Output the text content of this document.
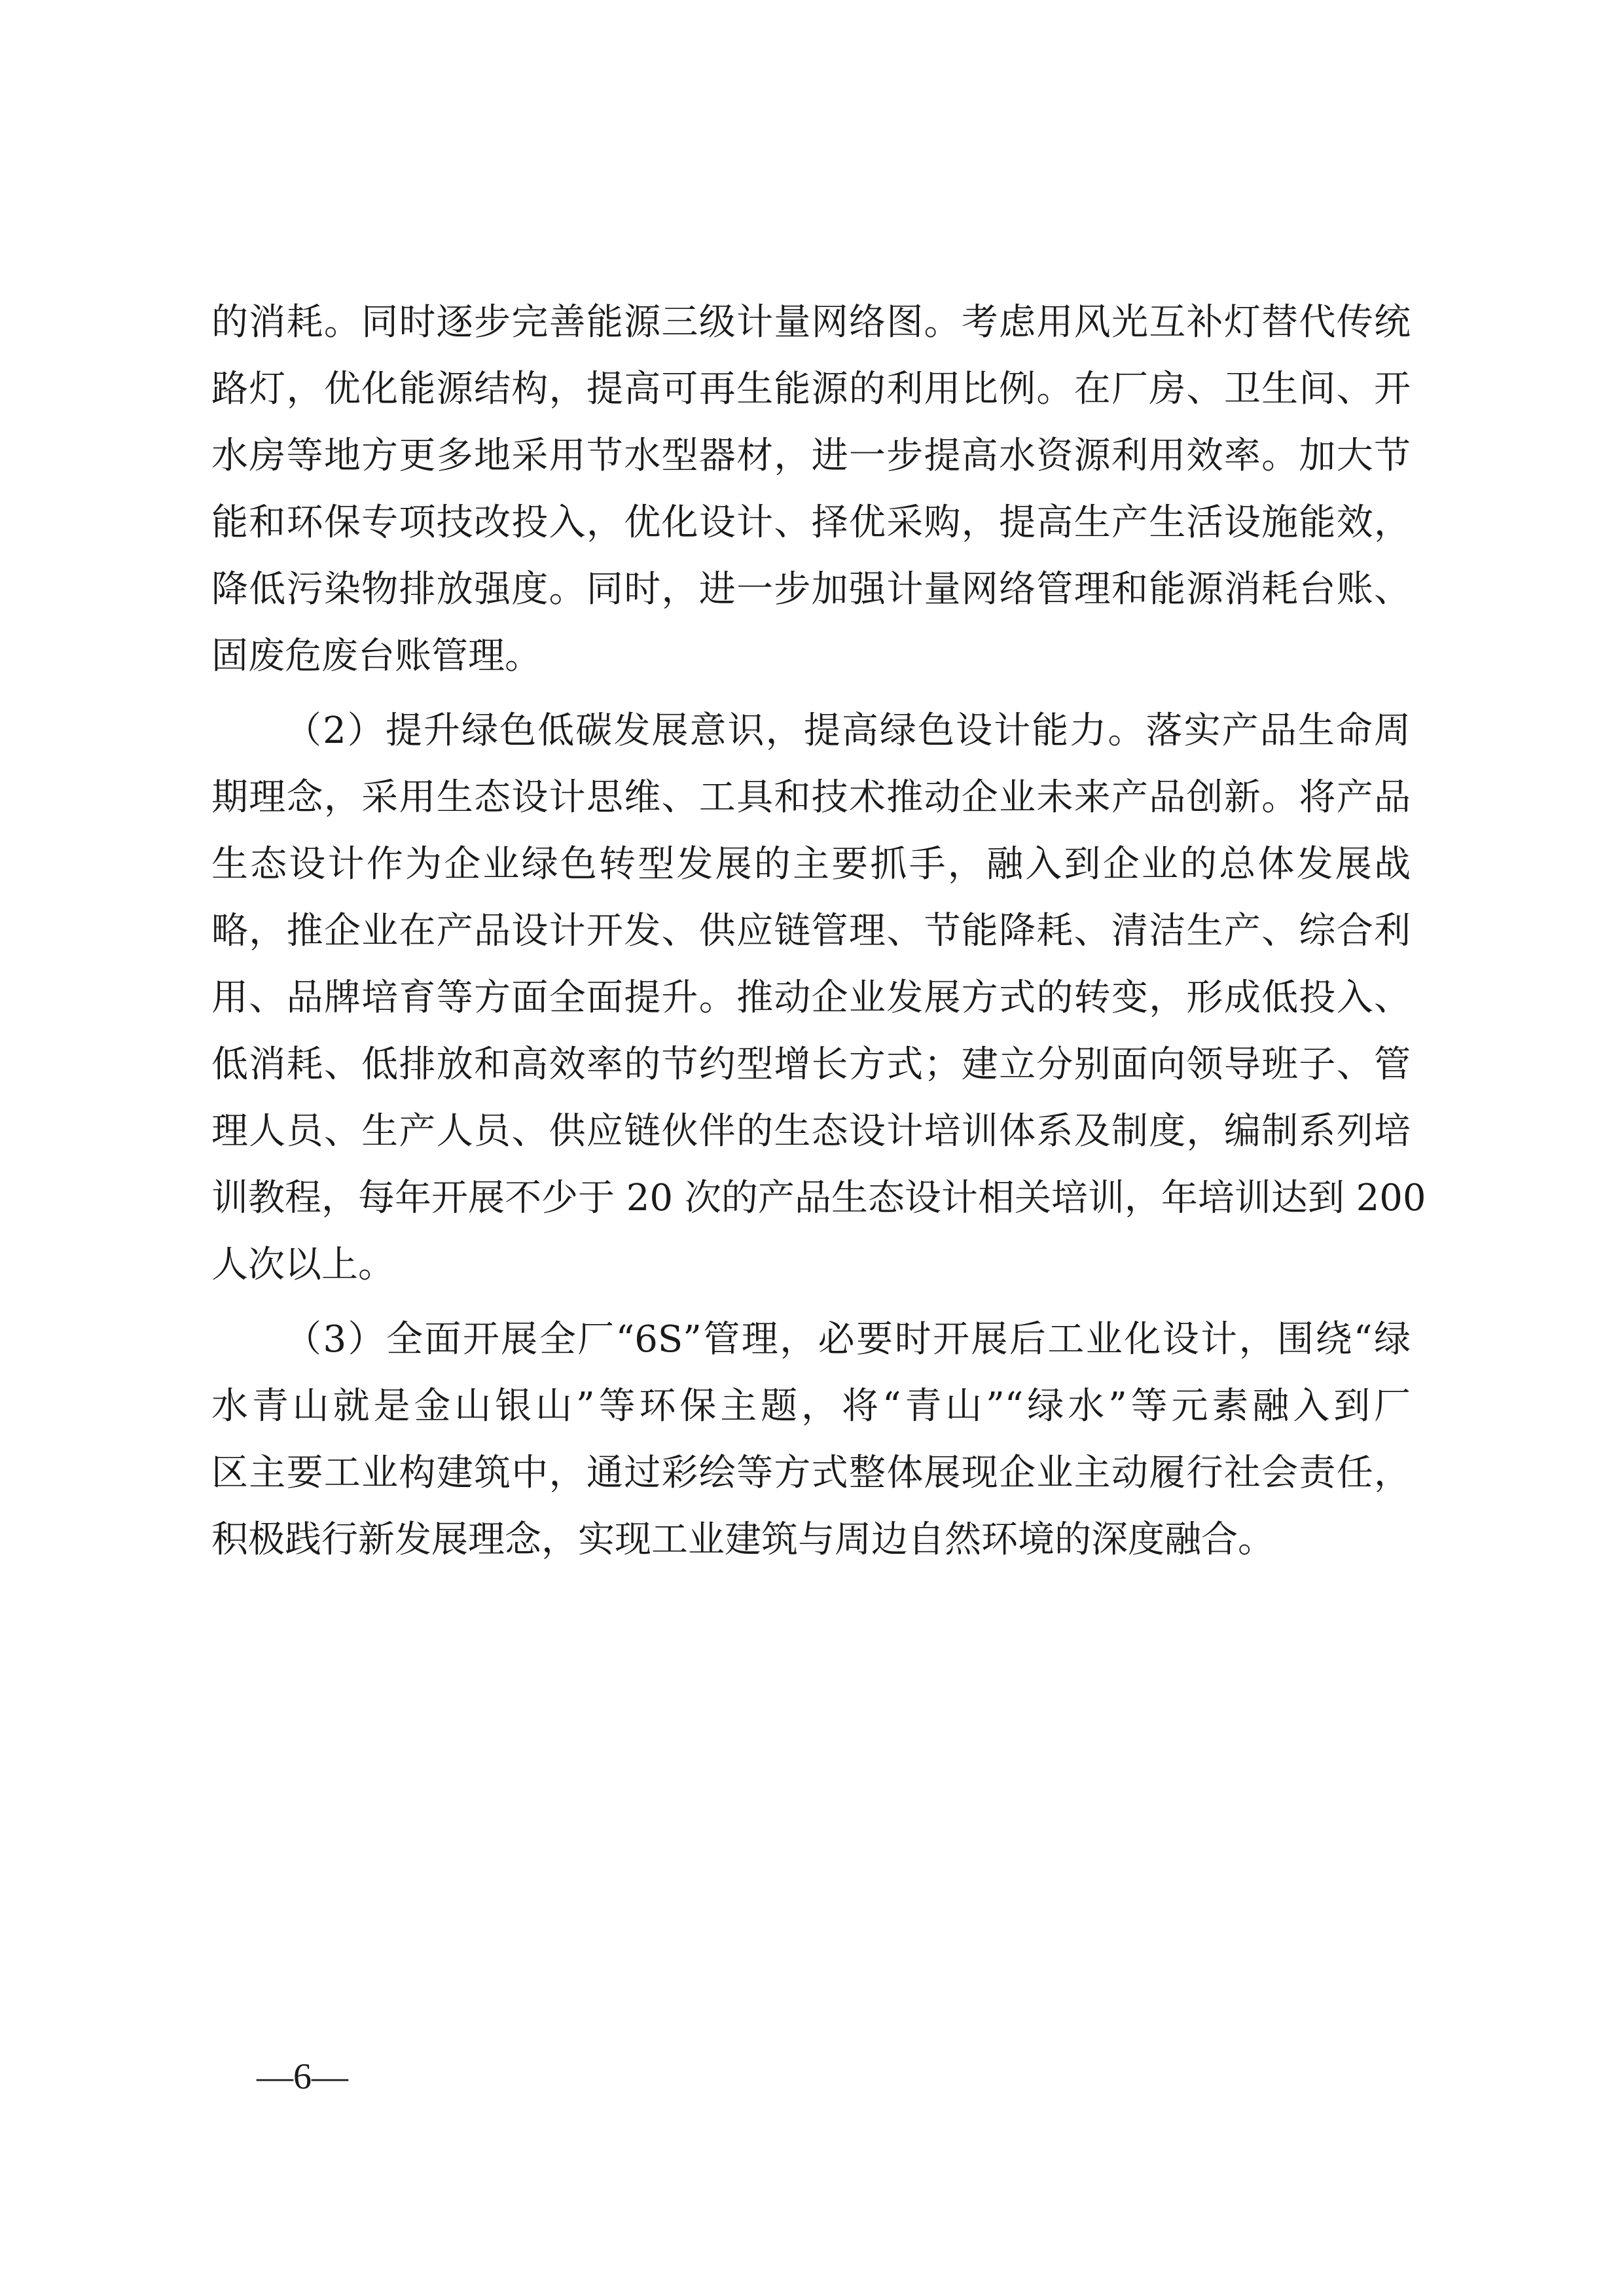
的消耗。同时逐步完善能源三级计量网络图。考虑用风光互补灯替代传统
路灯，优化能源结构，提高可再生能源的利用比例。在厂房、卫生间、开
水房等地方更多地采用节水型器材，进一步提高水资源利用效率。加大节
能和环保专项技改投入，优化设计、择优采购，提高生产生活设施能效，
降低污染物排放强度。同时，进一步加强计量网络管理和能源消耗台账、
固废危废台账管理。
（2）提升绿色低碳发展意识，提高绿色设计能力。落实产品生命周
期理念，采用生态设计思维、工具和技术推动企业未来产品创新。将产品
生态设计作为企业绿色转型发展的主要抓手，融入到企业的总体发展战
略，推企业在产品设计开发、供应链管理、节能降耗、清洁生产、综合利
用、品牌培育等方面全面提升。推动企业发展方式的转变，形成低投入、
低消耗、低排放和高效率的节约型增长方式；建立分别面向领导班子、管
理人员、生产人员、供应链伙伴的生态设计培训体系及制度，编制系列培
训教程，每年开展不少于 20 次的产品生态设计相关培训，年培训达到 200
人次以上。
（3）全面开展全厂“6S”管理，必要时开展后工业化设计，围绕“绿
水青山就是金山银山”等环保主题，将“青山”“绿水”等元素融入到厂
区主要工业构建筑中，通过彩绘等方式整体展现企业主动履行社会责任，
积极践行新发展理念，实现工业建筑与周边自然环境的深度融合。
—6—
